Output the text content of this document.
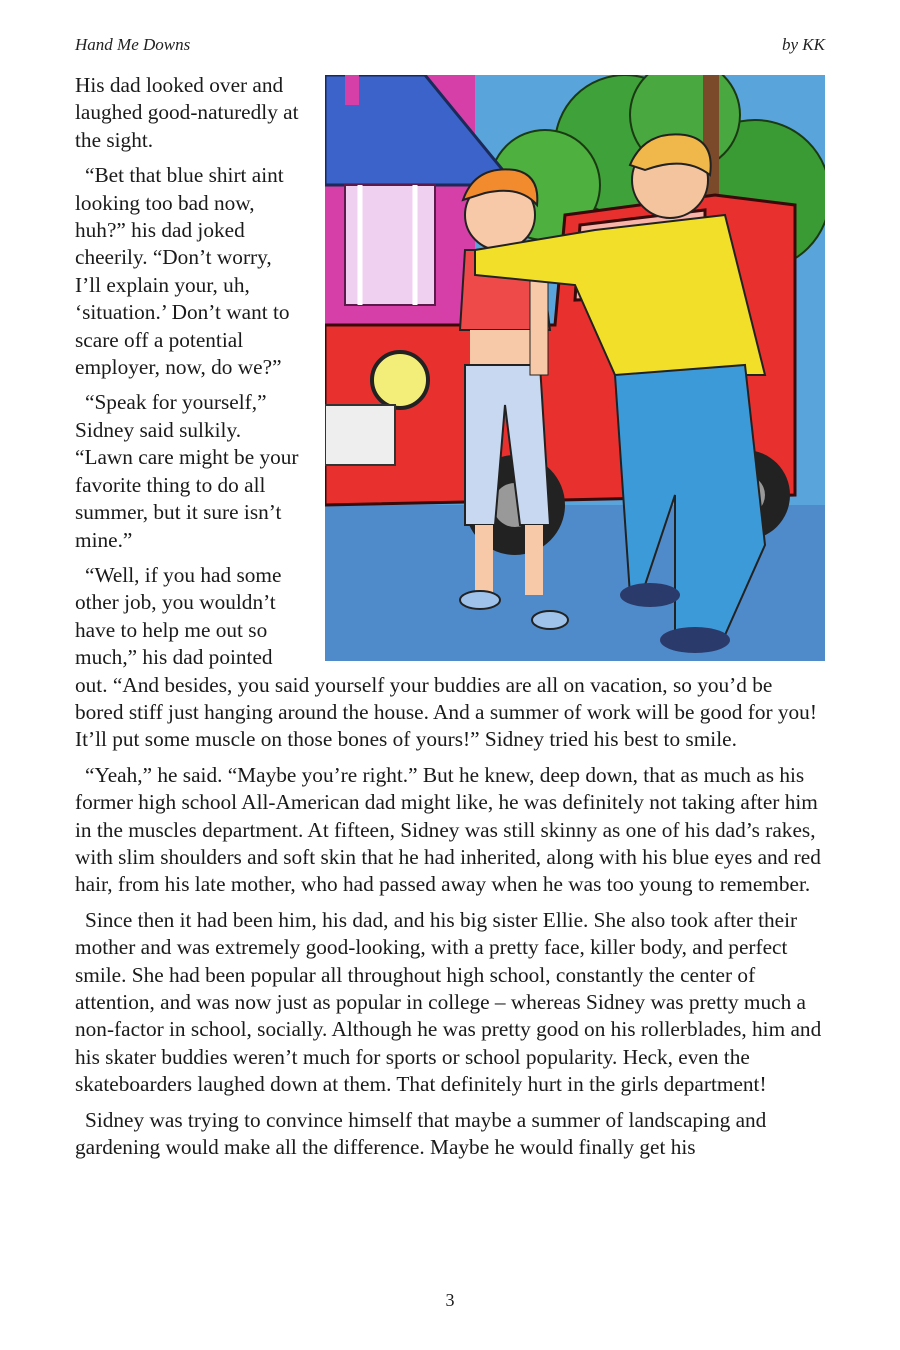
Hand Me Downs	by KK

His dad looked over and laughed good-naturedly at the sight.

“Bet that blue shirt aint looking too bad now, huh?” his dad joked cheerily. “Don’t worry, I’ll explain your, uh, ‘situation.’ Don’t want to scare off a potential employer, now, do we?”

“Speak for yourself,” Sidney said sulkily. “Lawn care might be your favorite thing to do all summer, but it sure isn’t mine.”

“Well, if you had some other job, you wouldn’t have to help me out so much,” his dad pointed out. “And besides, you said yourself your buddies are all on vacation, so you’d be bored stiff just hanging around the house. And a summer of work will be good for you! It’ll put some muscle on those bones of yours!” Sidney tried his best to smile.

“Yeah,” he said. “Maybe you’re right.” But he knew, deep down, that as much as his former high school All-American dad might like, he was definitely not taking after him in the muscles department. At fifteen, Sidney was still skinny as one of his dad’s rakes, with slim shoulders and soft skin that he had inherited, along with his blue eyes and red hair, from his late mother, who had passed away when he was too young to remember.

Since then it had been him, his dad, and his big sister Ellie. She also took after their mother and was extremely good-looking, with a pretty face, killer body, and perfect smile. She had been popular all throughout high school, constantly the center of attention, and was now just as popular in college – whereas Sidney was pretty much a non-factor in school, socially. Although he was pretty good on his rollerblades, him and his skater buddies weren’t much for sports or school popularity. Heck, even the skateboarders laughed down at them. That definitely hurt in the girls department!

Sidney was trying to convince himself that maybe a summer of landscaping and gardening would make all the difference. Maybe he would finally get his

3
